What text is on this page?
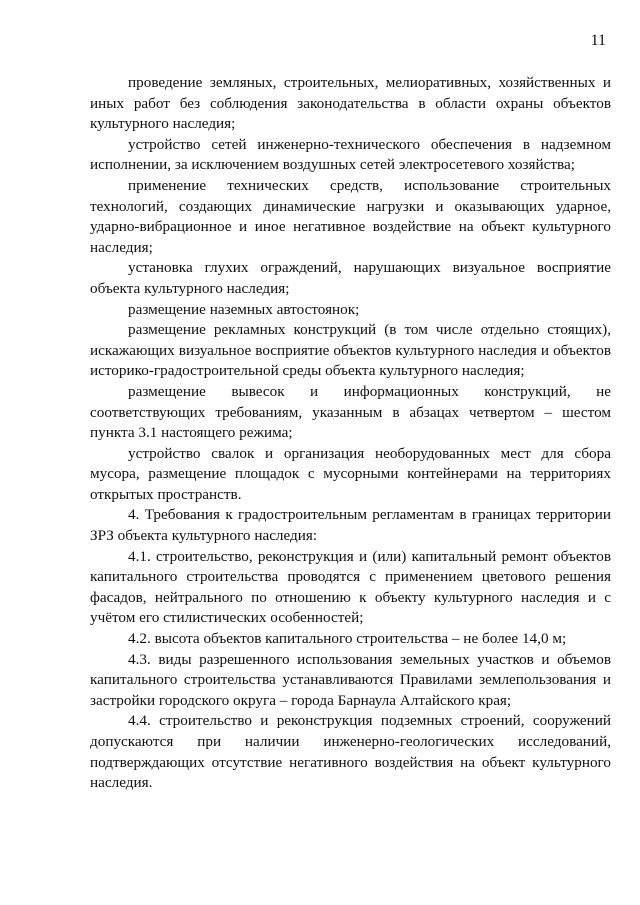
11

проведение земляных, строительных, мелиоративных, хозяйственных и иных работ без соблюдения законодательства в области охраны объектов культурного наследия;

устройство сетей инженерно-технического обеспечения в надземном исполнении, за исключением воздушных сетей электросетевого хозяйства;

применение технических средств, использование строительных технологий, создающих динамические нагрузки и оказывающих ударное, ударно-вибрационное и иное негативное воздействие на объект культурного наследия;

установка глухих ограждений, нарушающих визуальное восприятие объекта культурного наследия;

размещение наземных автостоянок;

размещение рекламных конструкций (в том числе отдельно стоящих), искажающих визуальное восприятие объектов культурного наследия и объектов историко-градостроительной среды объекта культурного наследия;

размещение вывесок и информационных конструкций, не соответствующих требованиям, указанным в абзацах четвертом – шестом пункта 3.1 настоящего режима;

устройство свалок и организация необорудованных мест для сбора мусора, размещение площадок с мусорными контейнерами на территориях открытых пространств.

4. Требования к градостроительным регламентам в границах территории ЗРЗ объекта культурного наследия:

4.1. строительство, реконструкция и (или) капитальный ремонт объектов капитального строительства проводятся с применением цветового решения фасадов, нейтрального по отношению к объекту культурного наследия и с учётом его стилистических особенностей;

4.2. высота объектов капитального строительства – не более 14,0 м;

4.3. виды разрешенного использования земельных участков и объемов капитального строительства устанавливаются Правилами землепользования и застройки городского округа – города Барнаула Алтайского края;

4.4. строительство и реконструкция подземных строений, сооружений допускаются при наличии инженерно-геологических исследований, подтверждающих отсутствие негативного воздействия на объект культурного наследия.
